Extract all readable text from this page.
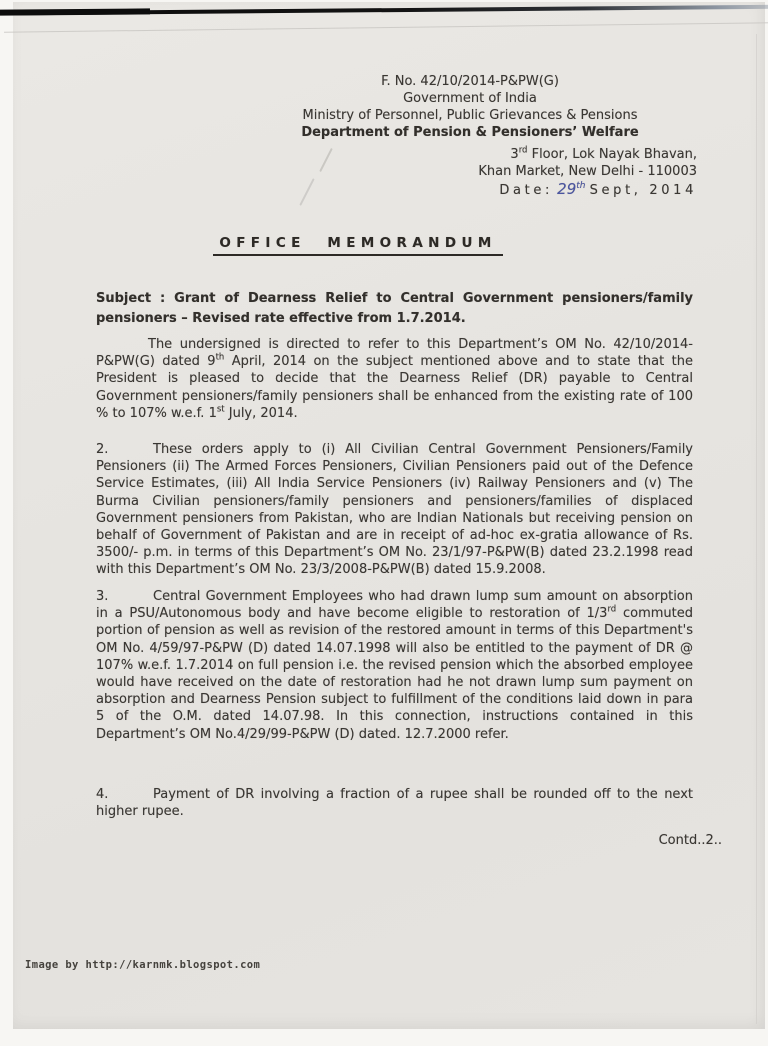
F. No. 42/10/2014-P&PW(G)
Government of India
Ministry of Personnel, Public Grievances & Pensions
Department of Pension & Pensioners’ Welfare
3rd Floor, Lok Nayak Bhavan,
Khan Market, New Delhi - 110003
Date: 29th Sept, 2014
OFFICE MEMORANDUM
Subject : Grant of Dearness Relief to Central Government pensioners/family pensioners – Revised rate effective from 1.7.2014.

The undersigned is directed to refer to this Department’s OM No. 42/10/2014-P&PW(G) dated 9th April, 2014 on the subject mentioned above and to state that the President is pleased to decide that the Dearness Relief (DR) payable to Central Government pensioners/family pensioners shall be enhanced from the existing rate of 100 % to 107% w.e.f. 1st July, 2014.

2.	These orders apply to (i) All Civilian Central Government Pensioners/Family Pensioners (ii) The Armed Forces Pensioners, Civilian Pensioners paid out of the Defence Service Estimates, (iii) All India Service Pensioners (iv) Railway Pensioners and (v) The Burma Civilian pensioners/family pensioners and pensioners/families of displaced Government pensioners from Pakistan, who are Indian Nationals but receiving pension on behalf of Government of Pakistan and are in receipt of ad-hoc ex-gratia allowance of Rs. 3500/- p.m. in terms of this Department’s OM No. 23/1/97-P&PW(B) dated 23.2.1998 read with this Department’s OM No. 23/3/2008-P&PW(B) dated 15.9.2008.

3.	Central Government Employees who had drawn lump sum amount on absorption in a PSU/Autonomous body and have become eligible to restoration of 1/3rd commuted portion of pension as well as revision of the restored amount in terms of this Department's OM No. 4/59/97-P&PW (D) dated 14.07.1998 will also be entitled to the payment of DR @ 107% w.e.f. 1.7.2014 on full pension i.e. the revised pension which the absorbed employee would have received on the date of restoration had he not drawn lump sum payment on absorption and Dearness Pension subject to fulfillment of the conditions laid down in para 5 of the O.M. dated 14.07.98. In this connection, instructions contained in this Department’s OM No.4/29/99-P&PW (D) dated. 12.7.2000 refer.

4.	Payment of DR involving a fraction of a rupee shall be rounded off to the next higher rupee.

Contd..2..
Image by http://karnmk.blogspot.com
